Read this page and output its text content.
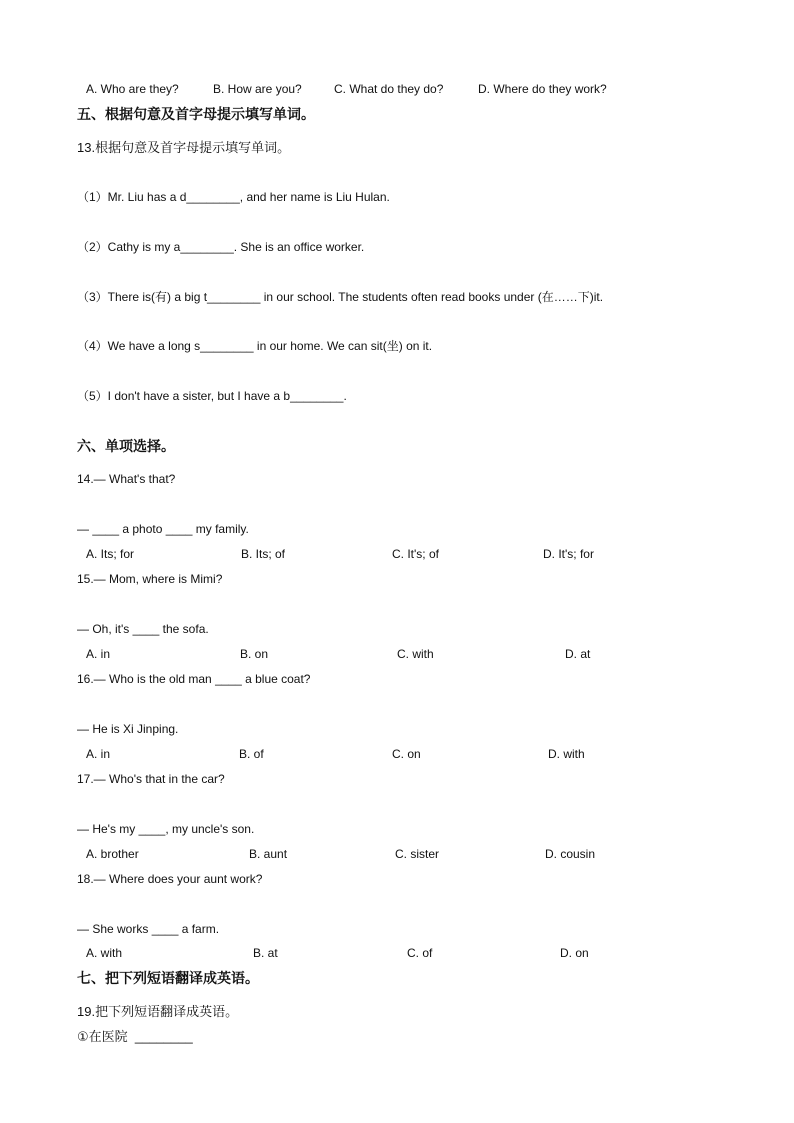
A. Who are they?	B. How are you?	C. What do they do?	D. Where do they work?
五、根据句意及首字母提示填写单词。
13.根据句意及首字母提示填写单词。
（1）Mr. Liu has a d________, and her name is Liu Hulan.
（2）Cathy is my a________. She is an office worker.
（3）There is(有) a big t________ in our school. The students often read books under (在……下)it.
（4）We have a long s________ in our home. We can sit(坐) on it.
（5）I don't have a sister, but I have a b________.
六、单项选择。
14.— What's that?
— ____ a photo ____ my family.
A. Its; for	B. Its; of	C. It's; of	D. It's; for
15.— Mom, where is Mimi?
— Oh, it's ____ the sofa.
A. in	B. on	C. with	D. at
16.— Who is the old man ____ a blue coat?
— He is Xi Jinping.
A. in	B. of	C. on	D. with
17.— Who's that in the car?
— He's my ____, my uncle's son.
A. brother	B. aunt	C. sister	D. cousin
18.— Where does your aunt work?
— She works ____ a farm.
A. with	B. at	C. of	D. on
七、把下列短语翻译成英语。
19.把下列短语翻译成英语。
①在医院  ________
